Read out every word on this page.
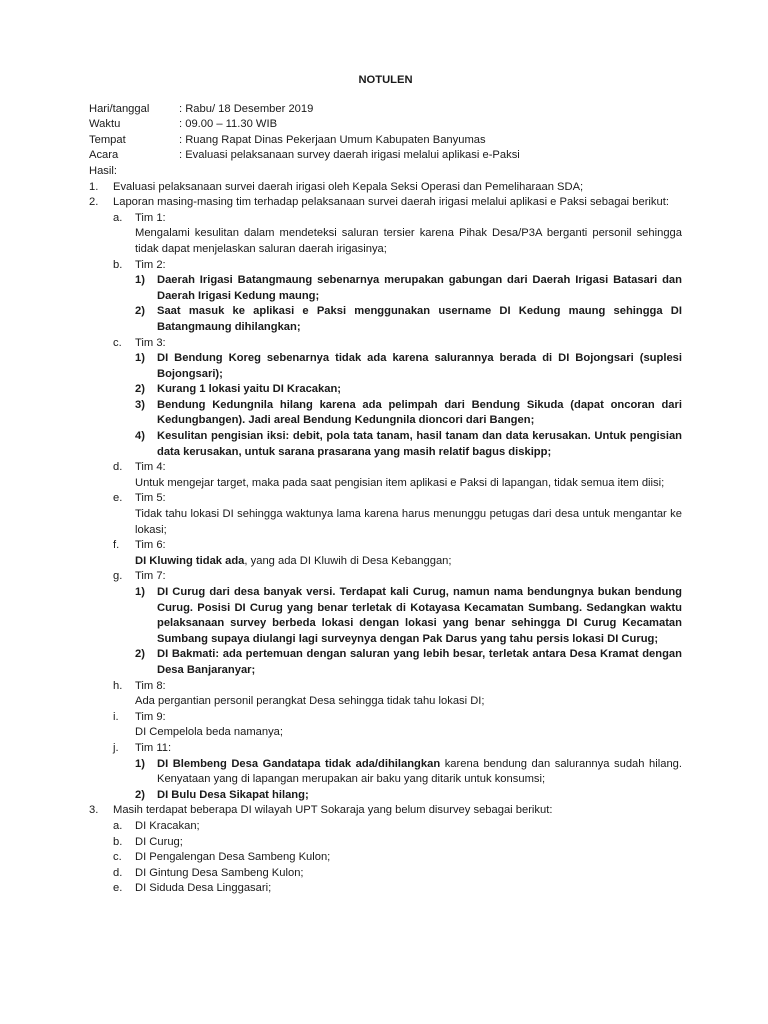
NOTULEN
Hari/tanggal	: Rabu/ 18 Desember 2019
Waktu	: 09.00 – 11.30 WIB
Tempat	: Ruang Rapat Dinas Pekerjaan Umum Kabupaten Banyumas
Acara	: Evaluasi pelaksanaan survey daerah irigasi melalui aplikasi e-Paksi
Hasil:
1.	Evaluasi pelaksanaan survei daerah irigasi oleh Kepala Seksi Operasi dan Pemeliharaan SDA;
2.	Laporan masing-masing tim terhadap pelaksanaan survei daerah irigasi melalui aplikasi e Paksi sebagai berikut:
a.	Tim 1:
Mengalami kesulitan dalam mendeteksi saluran tersier karena Pihak Desa/P3A berganti personil sehingga tidak dapat menjelaskan saluran daerah irigasinya;
b.	Tim 2:
1)	Daerah Irigasi Batangmaung sebenarnya merupakan gabungan dari Daerah Irigasi Batasari dan Daerah Irigasi Kedung maung;
2)	Saat masuk ke aplikasi e Paksi menggunakan username DI Kedung maung sehingga DI Batangmaung dihilangkan;
c.	Tim 3:
1)	DI Bendung Koreg sebenarnya tidak ada karena salurannya berada di DI Bojongsari (suplesi Bojongsari);
2)	Kurang 1 lokasi yaitu DI Kracakan;
3)	Bendung Kedungnila hilang karena ada pelimpah dari Bendung Sikuda (dapat oncoran dari Kedungbangen). Jadi areal Bendung Kedungnila dioncori dari Bangen;
4)	Kesulitan pengisian iksi: debit, pola tata tanam, hasil tanam dan data kerusakan. Untuk pengisian data kerusakan, untuk sarana prasarana yang masih relatif bagus diskipp;
d.	Tim 4:
Untuk mengejar target, maka pada saat pengisian item aplikasi e Paksi di lapangan, tidak semua item diisi;
e.	Tim 5:
Tidak tahu lokasi DI sehingga waktunya lama karena harus menunggu petugas dari desa untuk mengantar ke lokasi;
f.	Tim 6:
DI Kluwing tidak ada, yang ada DI Kluwih di Desa Kebanggan;
g.	Tim 7:
1)	DI Curug dari desa banyak versi. Terdapat kali Curug, namun nama bendungnya bukan bendung Curug. Posisi DI Curug yang benar terletak di Kotayasa Kecamatan Sumbang. Sedangkan waktu pelaksanaan survey berbeda lokasi dengan lokasi yang benar sehingga DI Curug Kecamatan Sumbang supaya diulangi lagi surveynya dengan Pak Darus yang tahu persis lokasi DI Curug;
2)	DI Bakmati: ada pertemuan dengan saluran yang lebih besar, terletak antara Desa Kramat dengan Desa Banjaranyar;
h.	Tim 8:
Ada pergantian personil perangkat Desa sehingga tidak tahu lokasi DI;
i.	Tim 9:
DI Cempelola beda namanya;
j.	Tim 11:
1)	DI Blembeng Desa Gandatapa tidak ada/dihilangkan karena bendung dan salurannya sudah hilang. Kenyataan yang di lapangan merupakan air baku yang ditarik untuk konsumsi;
2)	DI Bulu Desa Sikapat hilang;
3.	Masih terdapat beberapa DI wilayah UPT Sokaraja yang belum disurvey sebagai berikut:
a.	DI Kracakan;
b.	DI Curug;
c.	DI Pengalengan Desa Sambeng Kulon;
d.	DI Gintung Desa Sambeng Kulon;
e.	DI Siduda Desa Linggasari;
